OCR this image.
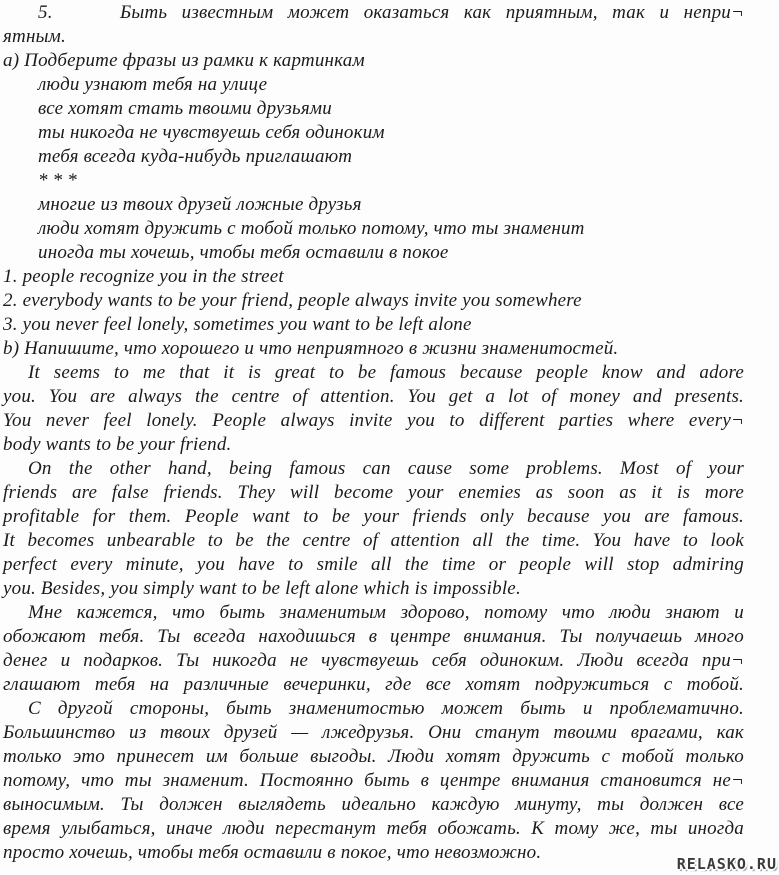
5.	Быть известным может оказаться как приятным, так и непри¬
ятным.
а) Подберите фразы из рамки к картинкам
люди узнают тебя на улице
все хотят стать твоими друзьями
ты никогда не чувствуешь себя одиноким
тебя всегда куда-нибудь приглашают
* * *
многие из твоих друзей ложные друзья
люди хотят дружить с тобой только потому, что ты знаменит
иногда ты хочешь, чтобы тебя оставили в покое
1. people recognize you in the street
2. everybody wants to be your friend, people always invite you somewhere
3. you never feel lonely, sometimes you want to be left alone
b) Напишите, что хорошего и что неприятного в жизни знаменитостей.
It seems to me that it is great to be famous because people know and adore
you. You are always the centre of attention. You get a lot of money and presents.
You never feel lonely. People always invite you to different parties where every¬
body wants to be your friend.
On the other hand, being famous can cause some problems. Most of your
friends are false friends. They will become your enemies as soon as it is more
profitable for them. People want to be your friends only because you are famous.
It becomes unbearable to be the centre of attention all the time. You have to look
perfect every minute, you have to smile all the time or people will stop admiring
you. Besides, you simply want to be left alone which is impossible.
Мне кажется, что быть знаменитым здорово, потому что люди знают и
обожают тебя. Ты всегда находишься в центре внимания. Ты получаешь много
денег и подарков. Ты никогда не чувствуешь себя одиноким. Люди всегда при¬
глашают тебя на различные вечеринки, где все хотят подружиться с тобой.
С другой стороны, быть знаменитостью может быть и проблематично.
Большинство из твоих друзей — лжедрузья. Они станут твоими врагами, как
только это принесет им больше выгоды. Люди хотят дружить с тобой только
потому, что ты знаменит. Постоянно быть в центре внимания становится не¬
выносимым. Ты должен выглядеть идеально каждую минуту, ты должен все
время улыбаться, иначе люди перестанут тебя обожать. К тому же, ты иногда
просто хочешь, чтобы тебя оставили в покое, что невозможно.
RELASKO.RU
